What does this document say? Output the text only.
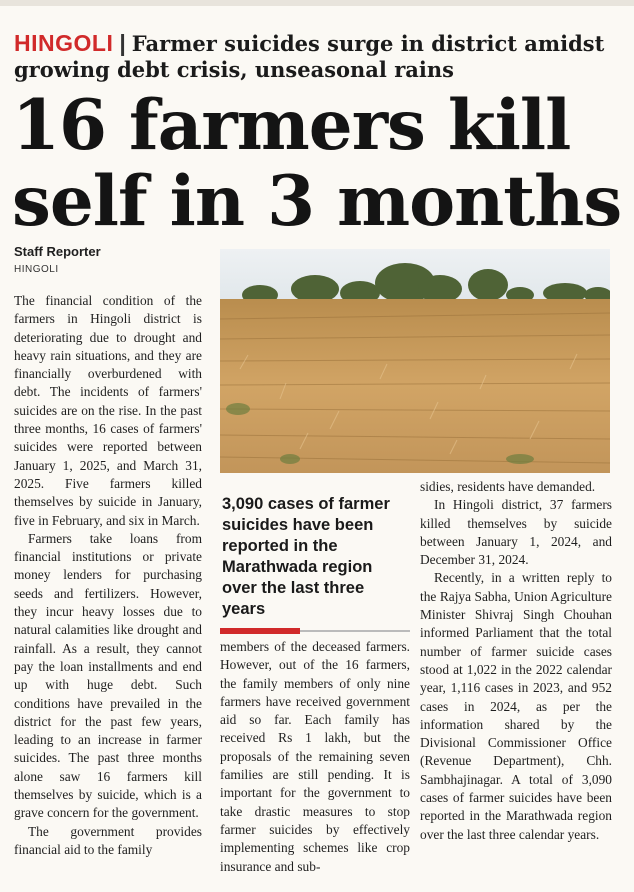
HINGOLI | Farmer suicides surge in district amidst growing debt crisis, unseasonal rains
16 farmers kill self in 3 months
Staff Reporter
HINGOLI

The financial condition of the farmers in Hingoli district is deteriorating due to drought and heavy rain situations, and they are financially overburdened with debt. The incidents of farmers' suicides are on the rise. In the past three months, 16 cases of farmers' suicides were reported between January 1, 2025, and March 31, 2025. Five farmers killed themselves by suicide in January, five in February, and six in March.

Farmers take loans from financial institutions or private money lenders for purchasing seeds and fertilizers. However, they incur heavy losses due to natural calamities like drought and rainfall. As a result, they cannot pay the loan installments and end up with huge debt. Such conditions have prevailed in the district for the past few years, leading to an increase in farmer suicides. The past three months alone saw 16 farmers kill themselves by suicide, which is a grave concern for the government.

The government provides financial aid to the family

3,090 cases of farmer suicides have been reported in the Marathwada region over the last three years

members of the deceased farmers. However, out of the 16 farmers, the family members of only nine farmers have received government aid so far. Each family has received Rs 1 lakh, but the proposals of the remaining seven families are still pending. It is important for the government to take drastic measures to stop farmer suicides by effectively implementing schemes like crop insurance and sub-

sidies, residents have demanded.

In Hingoli district, 37 farmers killed themselves by suicide between January 1, 2024, and December 31, 2024.

Recently, in a written reply to the Rajya Sabha, Union Agriculture Minister Shivraj Singh Chouhan informed Parliament that the total number of farmer suicide cases stood at 1,022 in the 2022 calendar year, 1,116 cases in 2023, and 952 cases in 2024, as per the information shared by the Divisional Commissioner Office (Revenue Department), Chh. Sambhajinagar. A total of 3,090 cases of farmer suicides have been reported in the Marathwada region over the last three calendar years.
